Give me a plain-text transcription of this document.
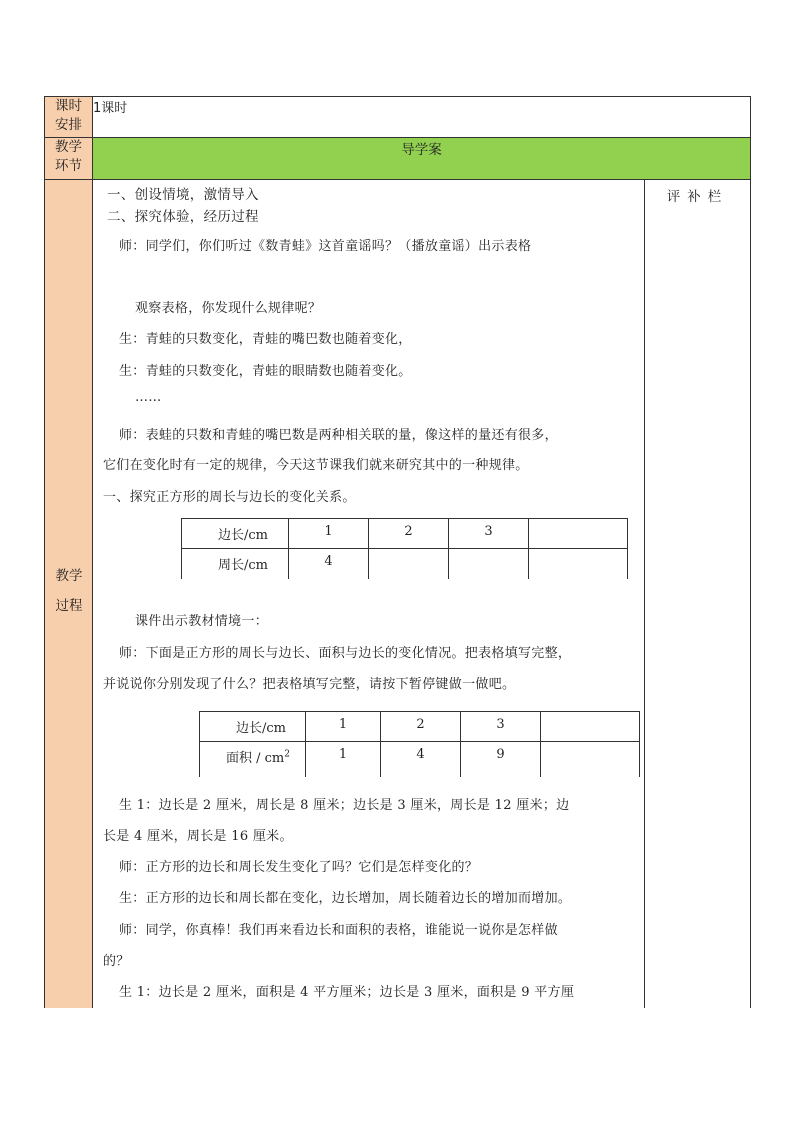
课时
安排
	1课时

教学
环节
	导学案

教学
过程

一、创设情境，激情导入
二、探究体验，经历过程
师：同学们，你们听过《数青蛙》这首童谣吗？（播放童谣）出示表格
观察表格，你发现什么规律呢？
生：青蛙的只数变化，青蛙的嘴巴数也随着变化，
生：青蛙的只数变化，青蛙的眼睛数也随着变化。
……
师：表蛙的只数和青蛙的嘴巴数是两种相关联的量，像这样的量还有很多，
它们在变化时有一定的规律，今天这节课我们就来研究其中的一种规律。
一、探究正方形的周长与边长的变化关系。
边长/cm	1	2	3	
周长/cm	4			
课件出示教材情境一：
师：下面是正方形的周长与边长、面积与边长的变化情况。把表格填写完整，
并说说你分别发现了什么？把表格填写完整，请按下暂停键做一做吧。
边长/cm	1	2	3	
面积 / $cm^2$	1	4	9	
生 1：边长是 2 厘米，周长是 8 厘米；边长是 3 厘米，周长是 12 厘米；边
长是 4 厘米，周长是 16 厘米。
师：正方形的边长和周长发生变化了吗？它们是怎样变化的？
生：正方形的边长和周长都在变化，边长增加，周长随着边长的增加而增加。
师：同学，你真棒！我们再来看边长和面积的表格，谁能说一说你是怎样做
的？
生 1：边长是 2 厘米，面积是 4 平方厘米；边长是 3 厘米，面积是 9 平方厘

评补栏
